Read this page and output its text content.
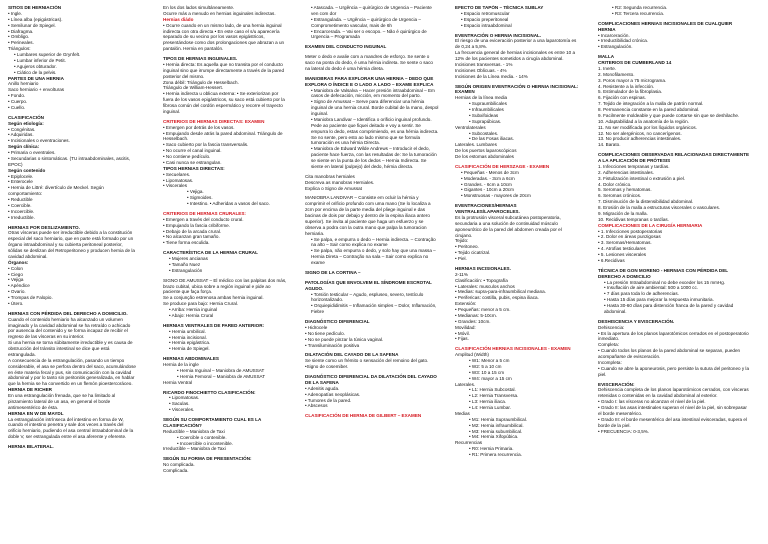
SITIOS DE HERNIACIÓN

• Ingle.

• Línea alba (epigástricas).

• Semilunar de Spiegel.

• Diafragma.

• Ombligo.

• Perineales.

Triángulos:

• Lumbares superior de Grynfelt.

• Lumbar inferior de Petit.

• Agujeros obturador.

• Ciático de la pelvis.

PARTES DE UNA HERNIA

Anillo herniario

Saco herniario + envolturas

• Fondo.

• Cuerpo.

• Cuello.

CLASIFICACIÓN

Según etiología:

• Congénitas.

• Adquiridas.

• Incisionales o eventraciones.

Según clínica:

• Primaria o eventrales.

• Secundarias o sintomáticas. (TU intraabdominales, ascitis, EPOC)

Según contenido

• Epiplocele.

• Enterocele

• Hernia de Littré: divertículo de Meckel. Según comportamiento:

• Reductible

• Coercible.

• Incoercible.

• Irreductible.

HERNIAS POR DESLIZAMIENTO.

Otras vísceras puede ser irreductible debido a la constitución especial del saco herniario, que en parte está formado por un órgano intraabdominal y su cubierta peritoneal posterior, sólidas se deslizan del Retroperitoneo y producen hernia de la cavidad abdominal.

Órganos:

• Colon

• Ciego

• Vejiga

• Apéndice

• Ovario.

• Trompas de Falopio.

• Útero.

HERNIAS CON PÉRDIDA DEL DERECHO A DOMICILIO.

Cuando el contenido herniario ha alcanzado un volumen imaginado y la cavidad abdominal se ha retraído o achicado por ausencia del contenido y se forma incapaz de recibir el regreso de las vísceras en su interior.

Si una hernia se torna súbitamente irreductible y es causa de obstrucción del tránsito intestinal se dice que está estrangulada.

A consecuencia de la estrangulación, pasando un tiempo considerable, el asa se perfora dentro del saco, acumulándose en éste materia fecal y pus, sin comunicación con la cavidad abdominal y por lo tanto sin peritonitis generalizada, en hablar que la hernia se ha convertido en un flemón pioestercoráceo.

HERNIA DE RICHER

En una estrangulación frenada, que se ha limitado al pinzamiento lateral de un asa, en general el borde antimesentérico de ésta.

HERNIA EN W DE MAYDL

La estrangulación intrínseca del intestino en forma de W, cuando el intestino penetra y sale dos veces a través del orificio herniario, pudiendo el asa central intraabdominal de la doble V, ser estrangulada entre el asa aferente y eferente.

HERNIA BILATERAL.

En los dos lados simultáneamente.

Ocurre más a menudo en hernias inguinales indirectas.

Hernias diádo

• Ocurre cuando en un mismo lado, de una hernia inguinal indirecta con otra directa • En este caso el s/u aparecería separado de su vecino por los vasos epigástricos, presentándose como dos prolongaciones que abrazan a un pantalón. Hernia en pantalón.

TIPOS DE HERNIAS INGUINALES.

• Hernia directa: Es aquella que no transita por el conducto inguinal sino que irrumpe directamente a través de la pared posterior del mismo.

Zona débil: Triángulo de Hesselbach.

Triángulo de William-Hessert.

• Hernia indirecta u oblicua externa: • Se exteriorizan por fuera de los vasos epigástricos, su saco está cubierto por la fibrosa común del cordón espermático y recorre el trayecto inguinal.

CRITERIOS DE HERNIAS DIRECTAS: EXAMEN

• Emergen por detrás de los vasos.

• Empujando desde atrás la pared abdominal. Triángulo de Hesselbach.

• Saco cubierto por la fascia transversalis.

• No ocurre el canal inguinal.

• No contiene pedículo.

• Casi nunca se estrangulan.

TIPOS HERNIAS DIRECTAS:

• Secuelares.

• Lipomatosas.

• Viscerales

• Vejiga.

• Sigmoides.

• Intestino. • Adheridas a vasos del saco.

CRITERIOS DE HERNIAS CRURALES:

• Emergen a través del conducto crural.

• Empujando la fascia cribiforme.

• Debajo de la arcada crural.

• No alcanzan gran tamaño.

• Tiene forma esculida.

CARACTERÍSTICA DE LA HERNIA CRURAL

• Mujeres ancianas

• Tamaño Nuez

• Estrangulación

SIGNO DE AMUSSAT – El médico con las palpitas dos más, brazo cubital, ubica sobre a región inguinal e pide ao paciente que faça força.

Se a conjunção estrenosa ambas hernia inguinal.

Se produce para bajo: Hernia Crural.

• Arriba: Hernia inguinal

• Abajo: Hernia Crural

HERNIAS VENTRALES DE PARED ANTERIOR:

• Hernia umbilical.

• Hernia incisional.

• Hernia epigástrica.

• Hernia de Spiegel.

HERNIAS ABDOMINALES

Hernia de la ingle

• Hernia Inguinal – Maniobra de AMUSSAT

• Hernia Femoral – Maniobra de AMUSSAT

Hernia Ventral

RICARDO FINOCHIETTO CLASIFICACIÓN:

• Lipomatosas.

• Saculas.

• Viscerales.

SEGÚN SU COMPORTAMIENTO CUAL ES LA CLASIFICACIÓN?

Reductible – Maniobra de Taxi

• Coercible o contenible.

• Incoercible o incontenible.

Irreductible – Maniobra de Taxi

SEGÚN SU FORMA DE PRESENTACIÓN:

No complicada.

Complicada.

• Atascada. – Urgência – quirúrgico de Urgencia – Paciente ven com dor

• Estrangulada. – Urgência – quirúrgico de Urgencia – Comprometimento vascular, mais de 6h

• Encarcerada. – Vai ser o escopo. – Não é quirúrgico de Urgencia – Programada

EXAMEN DEL CONDUCTO INGUINAL

Meter o dedo e avalie com a mandres de esforço. Se sente o saco na ponta do dedo, é uma hérnia indireta. Se sente o saco na lateral do dedo é uma hérnia direta.

MANIOBRAS PARA EXPLORAR UNA HERNIA – DEDO QUE EXPLORA O ÍNDICE E O LADO A LADO – EXAME EXPLICA

• Maniobra de Valsalva – Hacer presión intraabdominal – Em casos de defecación, micción, em momento del parto.

• Signo de Amussat – Serve para diferenciar una hérnia inguinal de una hernia crural. Borde cubital de la mano, despol inguinal.

• Maniobra Landivar – Identifica o orificio inguinal profundo. Pede ao paciente que fiquei deitado e voy a sentir. Se empurra lo dedo, estas comprimiendo, es una hérnia indirecta. Se no sente, pero esto ao lado mismo que se formula tumoración es una hérnia Directa.

• Maniobra de Edward Wilde Andrews – Introducir el dedo, paciente hace fuerza, con las resultadas de: Se la tumoración se siente en la punta de los dedos – Hernia Indirecta. Se siente en lateral (pulpejo) del dedo, hérnia directa.

Cita manobras herniales

Descreva as manobras Herniales.

Explica o Signo de Amussat

MANIOBRA LANDIVAR – Consiste em ocluir la hérnia y comprimir el orificio profundo com uma mano (Se lo localiza a 2cm por encima de la parte media del pliege inguinal e das bacinas de dois por debajo y dentro de la espina iliaca antero superior). Se invita al paciente que haga um esfuerzo y se observa a podra con la outra mano que palpa la tumoracion herniaria.

• Se palpa, e empurra o dedo – Hernia indirecta. – Contração na alto – Sair como explica no exame

• Se palpa, não empurra o dedo, y solo hay que una massa – Hernia Direta – Contração na sala – Sair como explica no exame

SIGNO DE LA CORTINA –

PATOLOGÍAS QUE ENVOLVEM EL SÍNDROME ESCROTAL AGUDO.

• Torsión testicular – Agudo, espluseo, severo, testículo horizontalizado.

• Orquiepididimitis – Inflamación simples – Dolor, Inflamación, Fiebre

DIAGNÓSTICO DIFERENCIAL

• Hidrocele

• No tiene pedículo.

• No se puede pinzar la túnica vaginal.

• Transiluminación positiva

DILATACIÓN DEL CAYADO DE LA SAFENA

Se siente como un frémito o sensación del remoino del gato.

•Signo de cosemiber.

DIAGNÓSTICO DIFERENCIAL DA DILATACIÓN DEL CAYADO DE LA SAFENA

• Adenitis aguda.

• Adenopatías neoplásicas.

• Tumores de la pared.

• Abscesos

CLASIFICACIÓN DE HERNIA DE GILBERT – EXAMEN

EFECTO DE TAPÓN – TÉCNICA SUBLAY

• Espacio retromuscular

• Espacio preperitoneal

• Espacio intraabdominal

EVENTRACIÓN O HERNIA INCISIONAL.

El riesgo de una eviceración posterior a una laparotomía es de 0,24 a 5,8%.

La frecuencia general de hernias incisionales es entre 10 a 12% de los pacientes sometidos a cirugía abdominal.

Incisiones transversas. - 1%

Incisiones Oblicuas. - 4%

Incisiones de la Línea media. - 14%

SEGÚN ORIGEN EVENTRACIÓN O HERNIA INCISIONAL: EXAMEN

Hernias de la línea media

• Supraumbilicales

• Infraumbilicales

• Subxifoideas

• Suprapúbicas.

Ventrolaterales

• Subcostales.

• De las Fosas iliacas.

Laterales. Lumbares

De los puertos laparoscópicos

De los estomas abdominales

CLASIFICACIÓN DE HERSZAGE - EXAMEN

• Pequeñas - Menos de 3cm

• Moderadas. - 3cm a 6cm

• Grandes. - 6cm a 10cm

• Gigantes - 10cm a 20cm

• Monstruosas - mayores de 20cm

EVENTRACIONES/HERNIAS VENTRALES/LAPAROCELES.

Es la protrusión visceral subcutánea postoperatoria, secundaria a una solución de continuidad músculo aponeurótico de la pared del abdomen creada por el cirujano.

Tejido:

• Peritoneo.

• Tejido cicatrizal.

• Piel.

HERNIAS INCISIONALES.

2-11%

Clasificación: • Topografía

• Laterales: musculos anchos

• Medias: supra-para-infraumbilical mediana.

• Perifericas: costilla, pubis, espina iliaca.

Extensión:

• Pequeñas: menor a 5 cm.

• Medianas: 5-10cm.

• Grandes: 10cm.

Movilidad:

• Móvil.

• Fijas.

CLASIFICACIÓN HERNIAS INCISIONALES - EXAMEN

Amplitud (Width)

• W1: Menor a 5 cm

• W2: 5 a 10 cm

• W3: 10 a 15 cm

• W4: mayor a 15 cm

Laterales.

• L1: Hernia Subcostal.

• L2: Hernia Transversa.

• L3: Hernia iliaca.

• L4: Hernia Lumbar.

Medias

• M1: Hernia Supraumbilical.

• M2: Hernia infraumbilical.

• M3: Hernia subumbilical.

• M4: Hernia Xifopúbica.

Recurrencias

• R0: Hernia Primaria.

• R1: Primera recurrencia.

• R2: Segunda recurrencia.

• R3: Tercera recurrencia.

COMPLICACIONES HERNIAS INCISIONALES DE CUALQUIER HERNIA

• Incarceración.

• Irreductibilidad crónica.

• Estrangulación.

MALLA

CRITERIOS DE CUMBERLAND 14

1. Inerte.

2. Monofilamento.

3. Poros mayor a 75 micrograma.

4. Resistente a la infección.

5. Estimulador de la fibroplasia.

6. Fijación con espinas.

7. Tejido de integración a la malla de patrón normal.

8. Permanencia constante en la pared abdominal.

9. Facilmente moldeable y que puede cortarse sin que se deshilache.

10. Adaptabilidad a la anatomía de la región.

11. No ser modificada por los líquidos orgánicos.

12. No ser alergénicos, no cancerígenos.

13. No producir adherencias intestinales.

14. Barato.

COMPLICACIONES OBSERVADAS RELACIONADAS DIRECTAMENTE A LA APLICACIÓN DE PRÓTESIS

1. Infecciones tempranas y tardías.

2. Adherencias intestinales.

3. Fistulización intestinal o extrusión a piel.

4. Dolor crónico.

5. Seromas y hematomas.

6. Seromas crónicos.

7. Disminución de la distensibilidad abdominal.

8. Erosión de la malla a estructuras viscerales o vasculares.

9. Migración de la malla.

10. Recidivas tempranas o tardías.

COMPLICACIONES DE LA CIRUGÍA HERNIARIA

• 1. Infecciones postoperatorias

• 2. Dolor en áreas punzigosas

• 3. Seromas/Hematomas.

• 4. Atrofias testiculares

• 5. Lesiones viscerales

• 6.Recidivas

TÉCNICA DE GON MORENO - HERNIAS CON PÉRDIDA DEL DERECHO A DOMICILIO

• La presión Intraabdominal no debe exceder los 15 mmHg.

• Insuflación de aire ambiental: 500 a 1000 cc.

• 7 días para toda lo de adherencias.

• Hasta 15 días para mejorar la respuesta inmunitaria.

• Hasta 30-60 días para distención franca de la pared y cavidad abdominal.

DESHISCENCIA Y EVISCERACIÓN.

Dehiscencia:

• Es la apertura de los planos laparotómicos cerrados en el postoperatorio inmediato.

Completa:

• Cuando todos los planos de la pared abdominal se separan, pueden acompañarse de evisceración.

Incompleta:

• Cuando se abre la aponeurosis, pero persiste la sutura del peritoneo y la piel.

EVISCERACIÓN:

Dehiscencia completa de los planos laparotómicos cerrados, con vísceras retenidas o contenidas en la cavidad abdominal al exterior.

• Grado I: las vísceras no alcanzan el nivel de la piel.

• Grado II: las asas intestinales superan el nivel de la piel, sin sobrepasar el borde mesentérico.

• Grado III: el borde mesentérico del asa intestinal evisceradas, supera el borde de la piel.

• FRECUENCIA: 0-3,5%.
